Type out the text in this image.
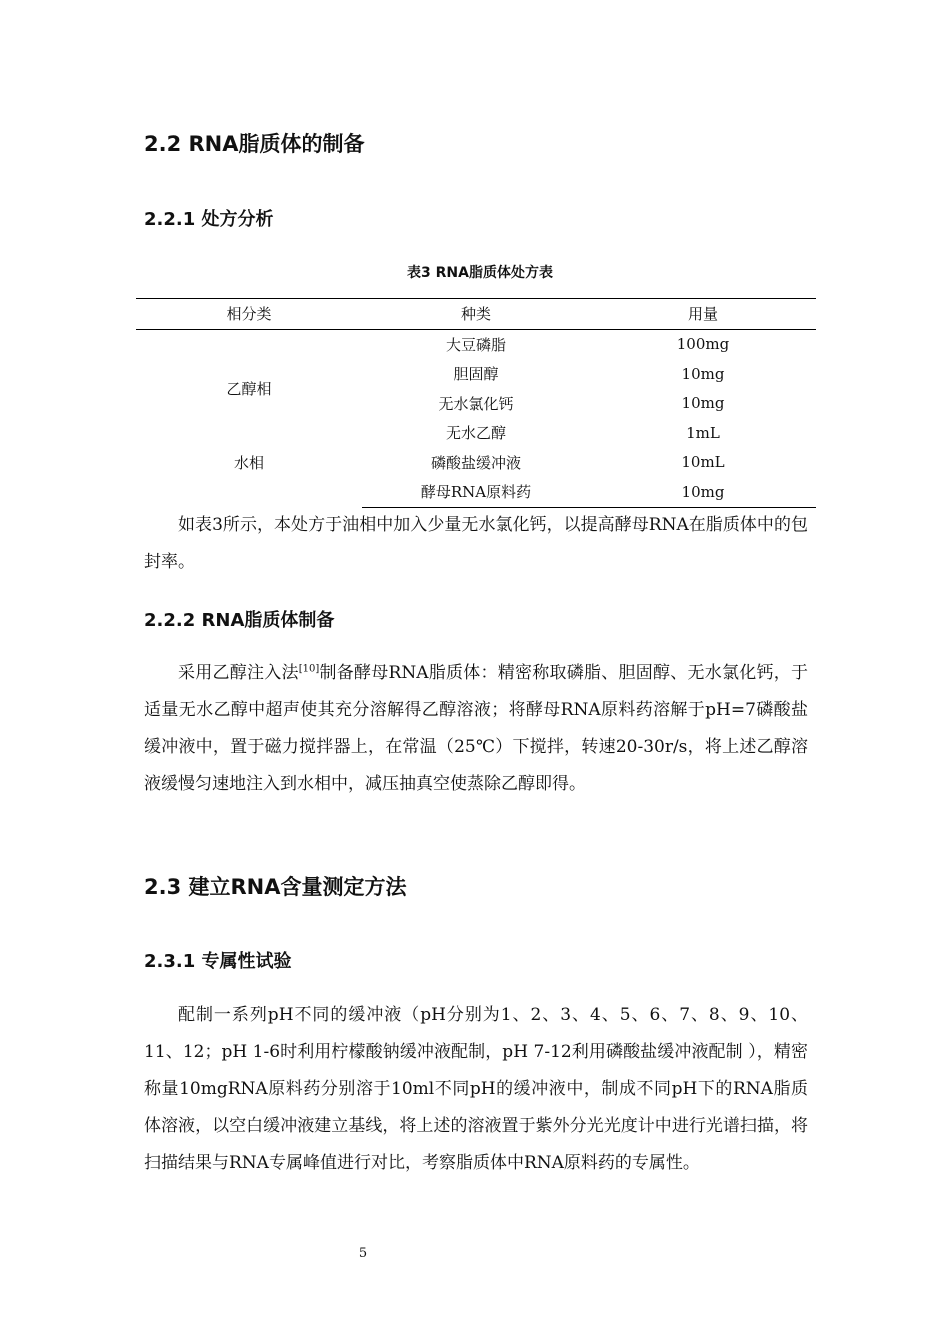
2.2 RNA脂质体的制备
2.2.1 处方分析

表3 RNA脂质体处方表

相分类	种类	用量
乙醇相	大豆磷脂	100mg
	胆固醇	10mg
	无水氯化钙	10mg
	无水乙醇	1mL
水相	磷酸盐缓冲液	10mL
	酵母RNA原料药	10mg

如表3所示，本处方于油相中加入少量无水氯化钙，以提高酵母RNA在脂质体中的包封率。

2.2.2 RNA脂质体制备

采用乙醇注入法[10]制备酵母RNA脂质体：精密称取磷脂、胆固醇、无水氯化钙，于适量无水乙醇中超声使其充分溶解得乙醇溶液；将酵母RNA原料药溶解于pH=7磷酸盐缓冲液中，置于磁力搅拌器上，在常温（25℃）下搅拌，转速20-30r/s，将上述乙醇溶液缓慢匀速地注入到水相中，减压抽真空使蒸除乙醇即得。

2.3 建立RNA含量测定方法
2.3.1 专属性试验

配制一系列pH不同的缓冲液（pH分别为1、2、3、4、5、6、7、8、9、10、11、12；pH 1-6时利用柠檬酸钠缓冲液配制，pH 7-12利用磷酸盐缓冲液配制 ），精密称量10mgRNA原料药分别溶于10ml不同pH的缓冲液中，制成不同pH下的RNA脂质体溶液，以空白缓冲液建立基线，将上述的溶液置于紫外分光光度计中进行光谱扫描，将扫描结果与RNA专属峰值进行对比，考察脂质体中RNA原料药的专属性。

5
